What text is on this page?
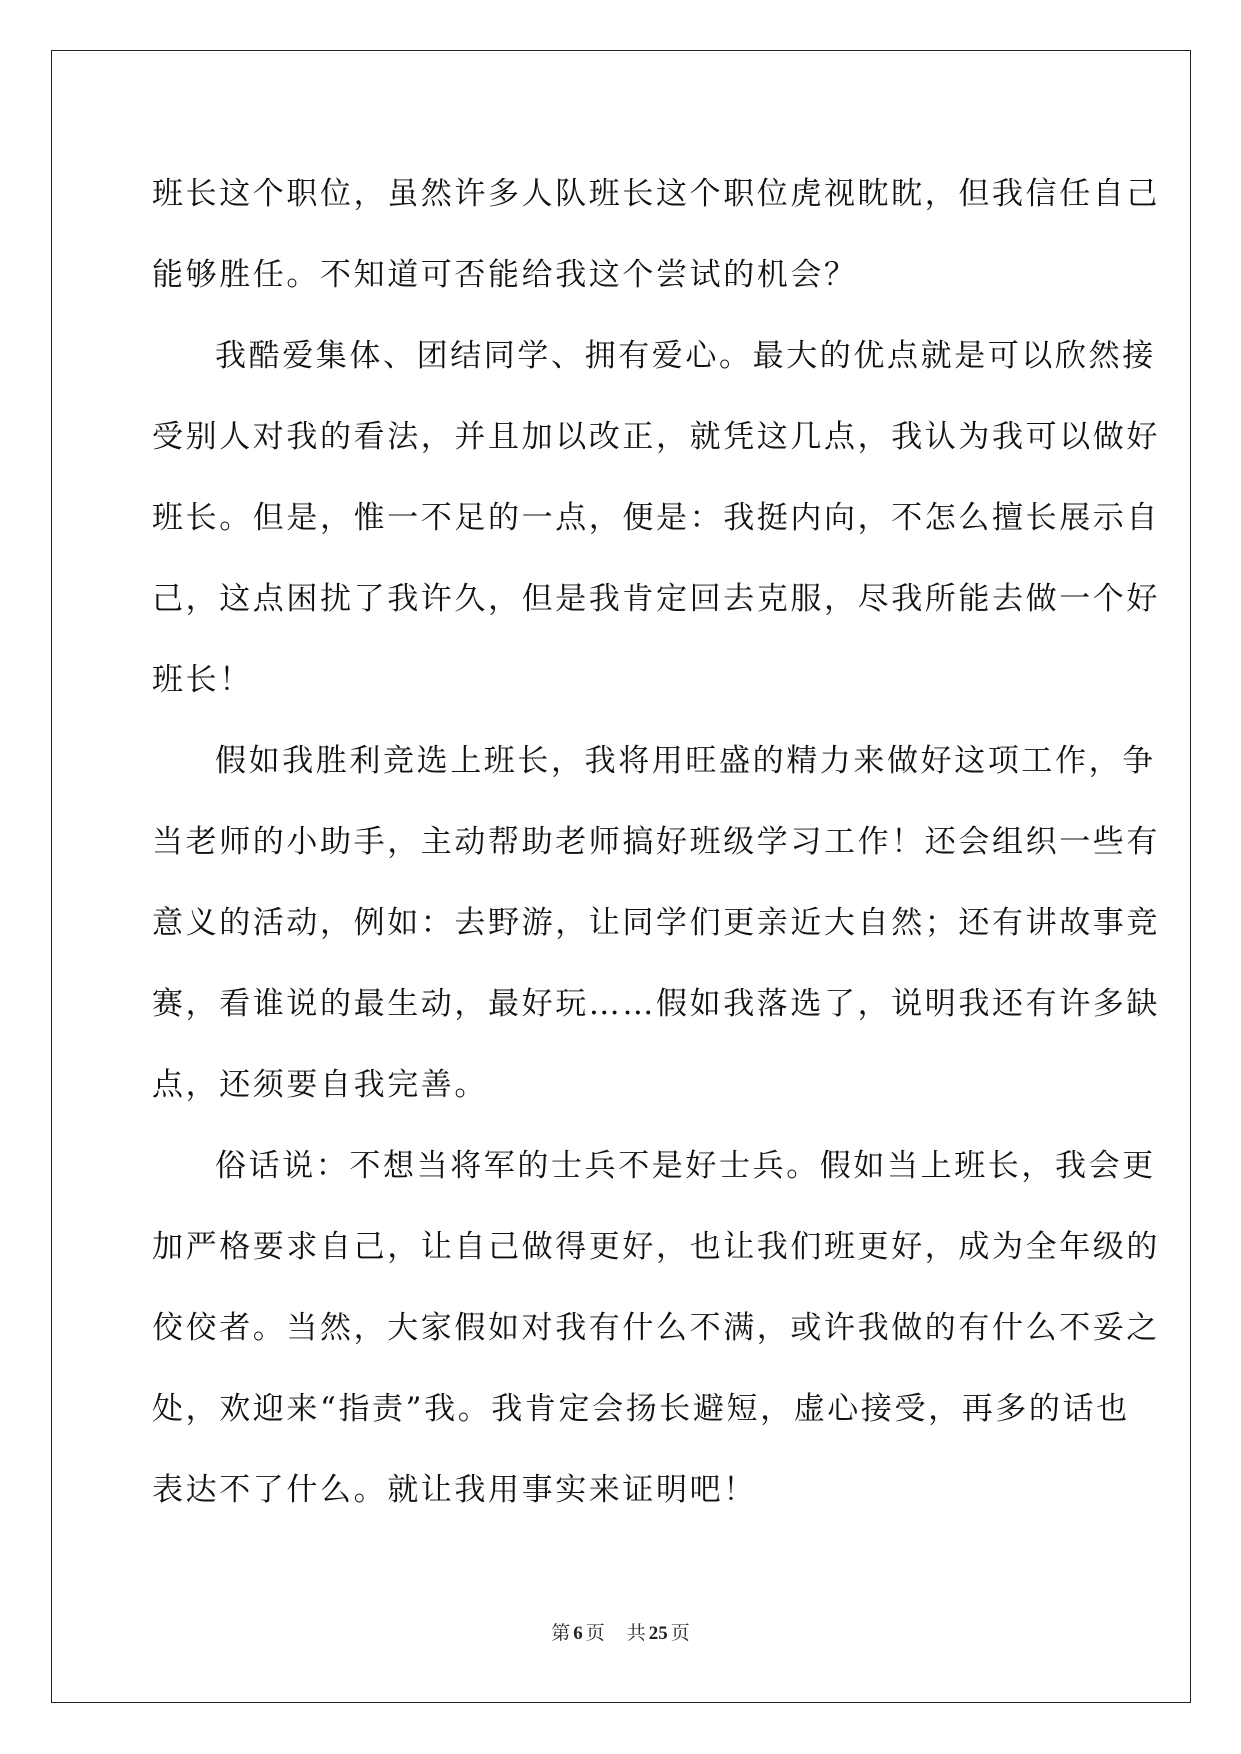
班长这个职位，虽然许多人队班长这个职位虎视眈眈，但我信任自己
能够胜任。不知道可否能给我这个尝试的机会？
我酷爱集体、团结同学、拥有爱心。最大的优点就是可以欣然接
受别人对我的看法，并且加以改正，就凭这几点，我认为我可以做好
班长。但是，惟一不足的一点，便是：我挺内向，不怎么擅长展示自
己，这点困扰了我许久，但是我肯定回去克服，尽我所能去做一个好
班长！
假如我胜利竞选上班长，我将用旺盛的精力来做好这项工作，争
当老师的小助手，主动帮助老师搞好班级学习工作！还会组织一些有
意义的活动，例如：去野游，让同学们更亲近大自然；还有讲故事竞
赛，看谁说的最生动，最好玩……假如我落选了，说明我还有许多缺
点，还须要自我完善。
俗话说：不想当将军的士兵不是好士兵。假如当上班长，我会更
加严格要求自己，让自己做得更好，也让我们班更好，成为全年级的
佼佼者。当然，大家假如对我有什么不满，或许我做的有什么不妥之
处，欢迎来“指责”我。我肯定会扬长避短，虚心接受，再多的话也
表达不了什么。就让我用事实来证明吧！
第 6 页 共 25 页
